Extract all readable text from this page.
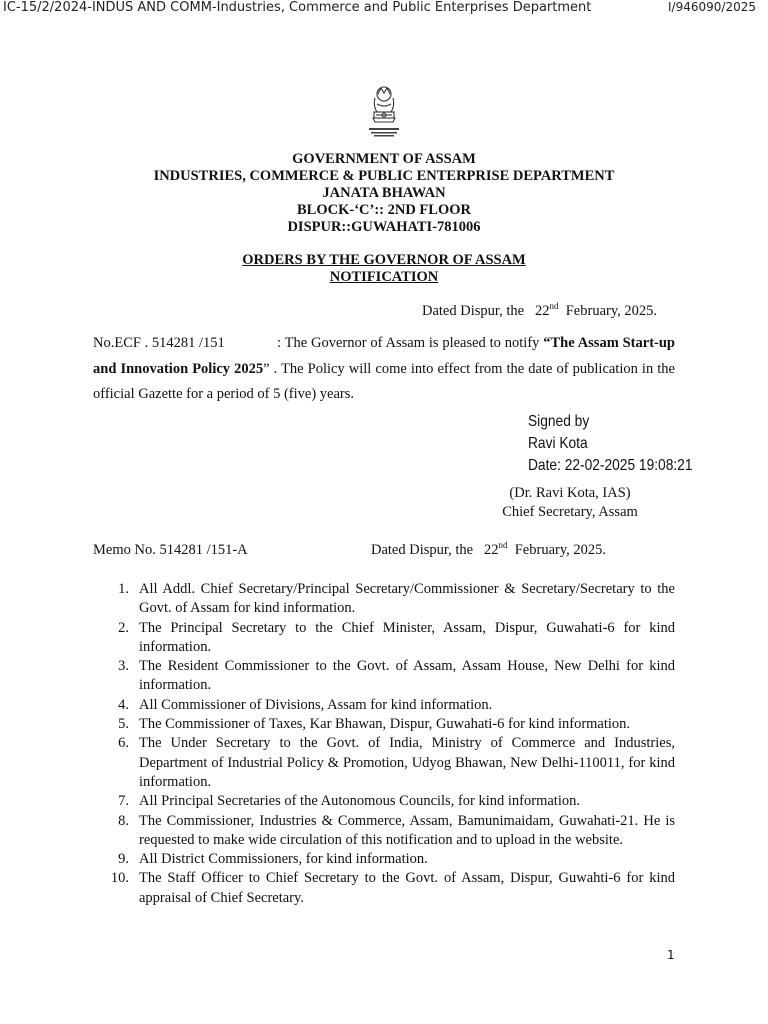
IC-15/2/2024-INDUS AND COMM-Industries, Commerce and Public Enterprises Department	I/946090/2025
GOVERNMENT OF ASSAM
INDUSTRIES, COMMERCE & PUBLIC ENTERPRISE DEPARTMENT
JANATA BHAWAN
BLOCK-‘C’:: 2ND FLOOR
DISPUR::GUWAHATI-781006
ORDERS BY THE GOVERNOR OF ASSAM
NOTIFICATION
Dated Dispur, the 22nd February, 2025.
No.ECF . 514281 /151	: The Governor of Assam is pleased to notify “The Assam Start-up and Innovation Policy 2025” . The Policy will come into effect from the date of publication in the official Gazette for a period of 5 (five) years.
Signed by
Ravi Kota
Date: 22-02-2025 19:08:21
(Dr. Ravi Kota, IAS)
Chief Secretary, Assam
Memo No. 514281 /151-A	Dated Dispur, the 22nd February, 2025.
1. All Addl. Chief Secretary/Principal Secretary/Commissioner & Secretary/Secretary to the Govt. of Assam for kind information.
2. The Principal Secretary to the Chief Minister, Assam, Dispur, Guwahati-6 for kind information.
3. The Resident Commissioner to the Govt. of Assam, Assam House, New Delhi for kind information.
4. All Commissioner of Divisions, Assam for kind information.
5. The Commissioner of Taxes, Kar Bhawan, Dispur, Guwahati-6 for kind information.
6. The Under Secretary to the Govt. of India, Ministry of Commerce and Industries, Department of Industrial Policy & Promotion, Udyog Bhawan, New Delhi-110011, for kind information.
7. All Principal Secretaries of the Autonomous Councils, for kind information.
8. The Commissioner, Industries & Commerce, Assam, Bamunimaidam, Guwahati-21. He is requested to make wide circulation of this notification and to upload in the website.
9. All District Commissioners, for kind information.
10. The Staff Officer to Chief Secretary to the Govt. of Assam, Dispur, Guwahti-6 for kind appraisal of Chief Secretary.
1
